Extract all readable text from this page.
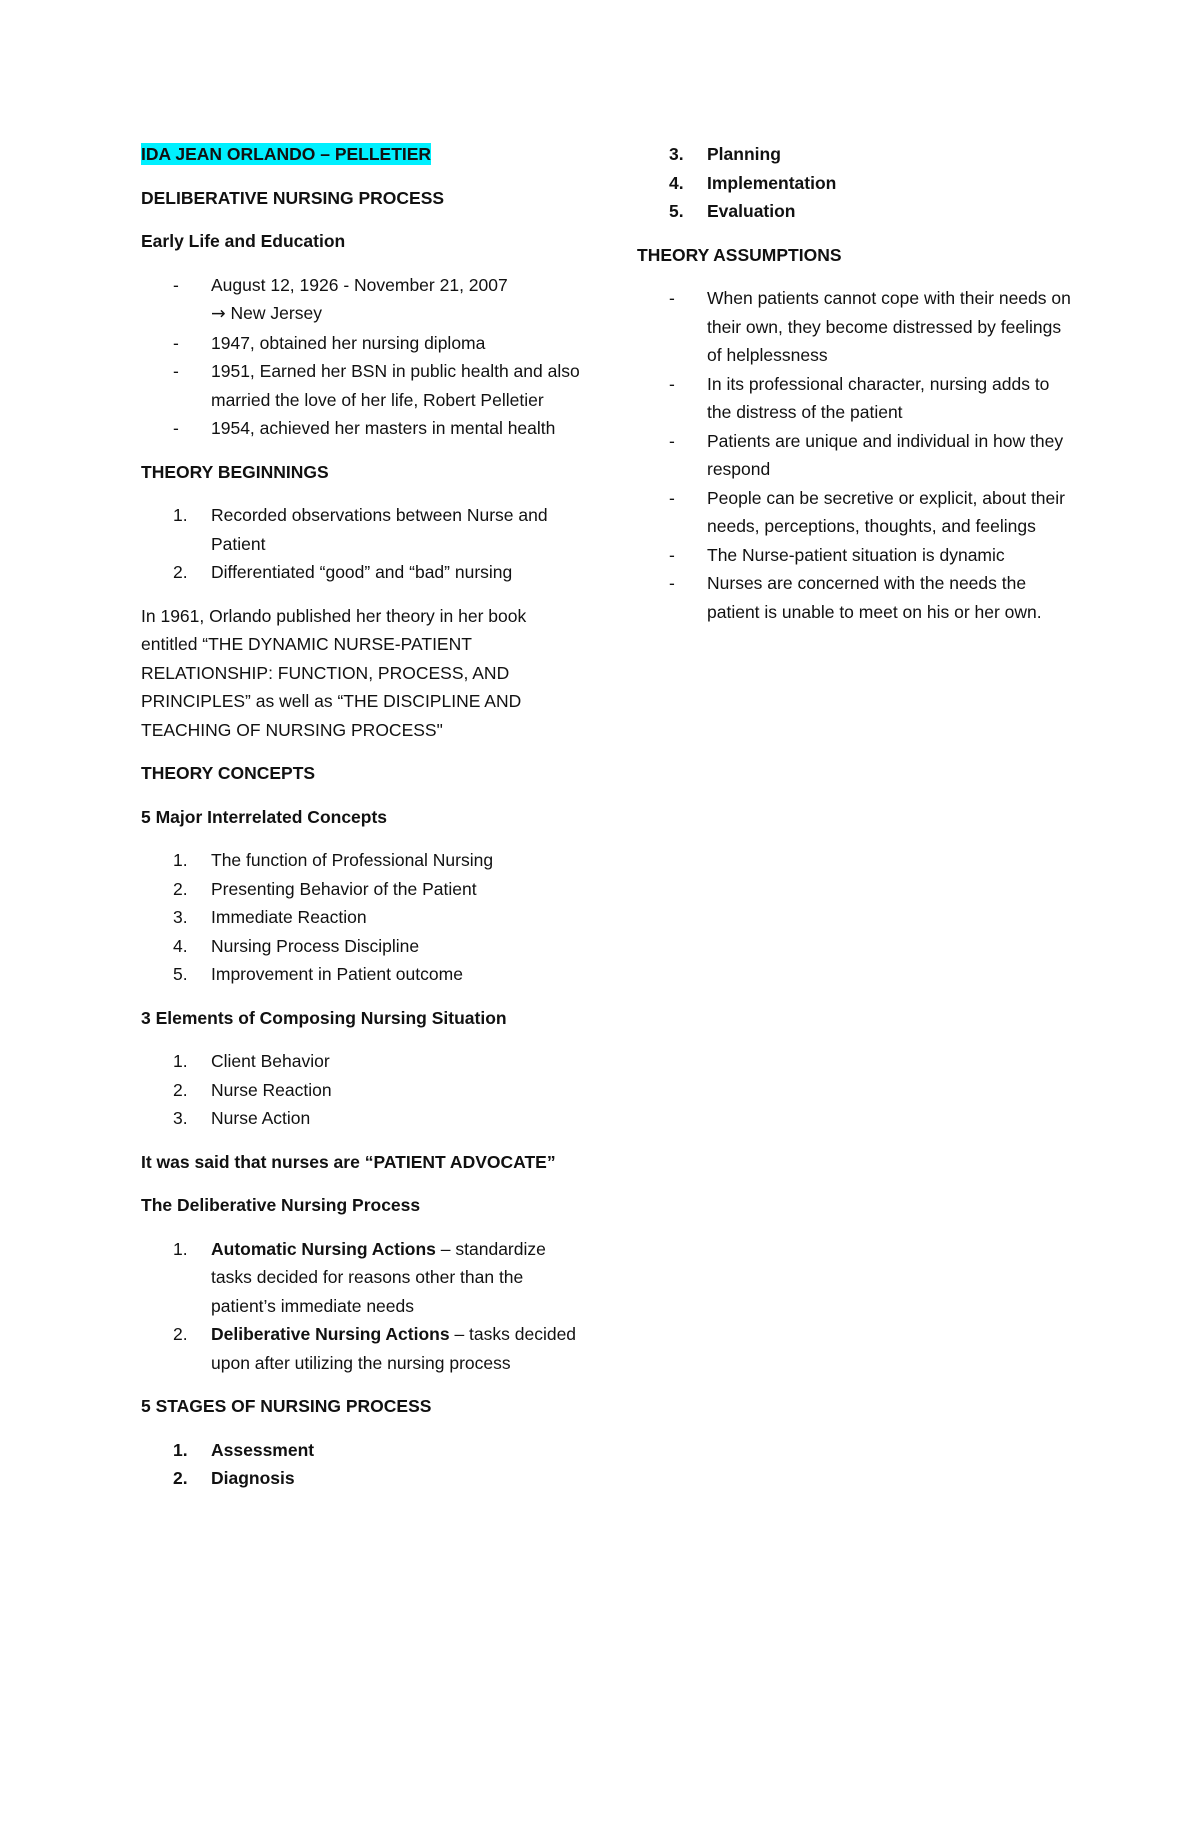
IDA JEAN ORLANDO – PELLETIER

DELIBERATIVE NURSING PROCESS

Early Life and Education

- August 12, 1926 - November 21, 2007
→ New Jersey
- 1947, obtained her nursing diploma
- 1951, Earned her BSN in public health and also married the love of her life, Robert Pelletier
- 1954, achieved her masters in mental health

THEORY BEGINNINGS

1. Recorded observations between Nurse and Patient
2. Differentiated “good” and “bad” nursing

In 1961, Orlando published her theory in her book entitled “THE DYNAMIC NURSE-PATIENT RELATIONSHIP: FUNCTION, PROCESS, AND PRINCIPLES” as well as “THE DISCIPLINE AND TEACHING OF NURSING PROCESS"

THEORY CONCEPTS

5 Major Interrelated Concepts

1. The function of Professional Nursing
2. Presenting Behavior of the Patient
3. Immediate Reaction
4. Nursing Process Discipline
5. Improvement in Patient outcome

3 Elements of Composing Nursing Situation

1. Client Behavior
2. Nurse Reaction
3. Nurse Action

It was said that nurses are “PATIENT ADVOCATE”

The Deliberative Nursing Process

1. Automatic Nursing Actions – standardize tasks decided for reasons other than the patient’s immediate needs
2. Deliberative Nursing Actions – tasks decided upon after utilizing the nursing process

5 STAGES OF NURSING PROCESS

1. Assessment
2. Diagnosis
3. Planning
4. Implementation
5. Evaluation

THEORY ASSUMPTIONS

- When patients cannot cope with their needs on their own, they become distressed by feelings of helplessness
- In its professional character, nursing adds to the distress of the patient
- Patients are unique and individual in how they respond
- People can be secretive or explicit, about their needs, perceptions, thoughts, and feelings
- The Nurse-patient situation is dynamic
- Nurses are concerned with the needs the patient is unable to meet on his or her own.
